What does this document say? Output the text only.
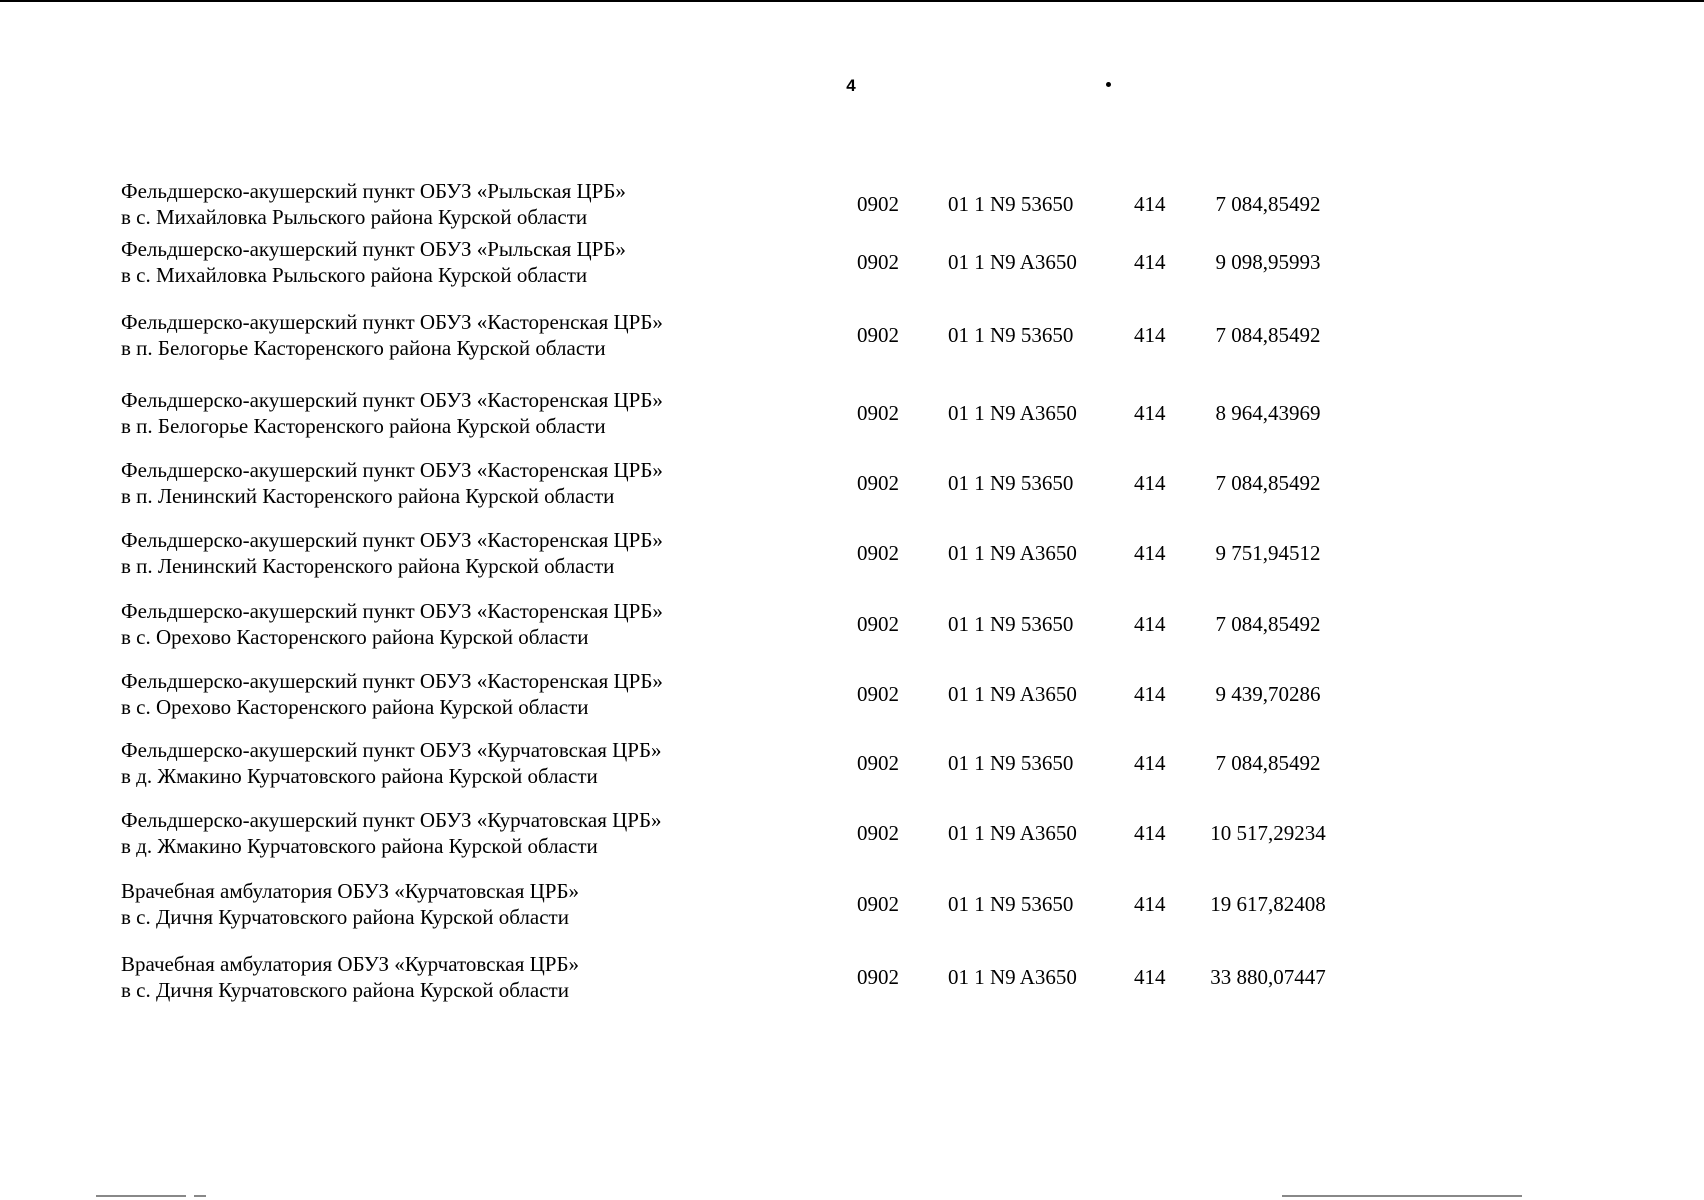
4
Фельдшерско-акушерский пункт ОБУЗ «Рыльская ЦРБ»
в с. Михайловка Рыльского района Курской области
0902 01 1 N9 53650	414	7 084,85492
Фельдшерско-акушерский пункт ОБУЗ «Рыльская ЦРБ»
в с. Михайловка Рыльского района Курской области
0902 01 1 N9 A3650	414	9 098,95993
Фельдшерско-акушерский пункт ОБУЗ «Касторенская ЦРБ»
в п. Белогорье Касторенского района Курской области
0902 01 1 N9 53650	414	7 084,85492
Фельдшерско-акушерский пункт ОБУЗ «Касторенская ЦРБ»
в п. Белогорье Касторенского района Курской области
0902 01 1 N9 A3650	414	8 964,43969
Фельдшерско-акушерский пункт ОБУЗ «Касторенская ЦРБ»
в п. Ленинский Касторенского района Курской области
0902 01 1 N9 53650	414	7 084,85492
Фельдшерско-акушерский пункт ОБУЗ «Касторенская ЦРБ»
в п. Ленинский Касторенского района Курской области
0902 01 1 N9 A3650	414	9 751,94512
Фельдшерско-акушерский пункт ОБУЗ «Касторенская ЦРБ»
в с. Орехово Касторенского района Курской области
0902 01 1 N9 53650	414	7 084,85492
Фельдшерско-акушерский пункт ОБУЗ «Касторенская ЦРБ»
в с. Орехово Касторенского района Курской области
0902 01 1 N9 A3650	414	9 439,70286
Фельдшерско-акушерский пункт ОБУЗ «Курчатовская ЦРБ»
в д. Жмакино Курчатовского района Курской области
0902 01 1 N9 53650	414	7 084,85492
Фельдшерско-акушерский пункт ОБУЗ «Курчатовская ЦРБ»
в д. Жмакино Курчатовского района Курской области
0902 01 1 N9 A3650	414	10 517,29234
Врачебная амбулатория ОБУЗ «Курчатовская ЦРБ»
в с. Дичня Курчатовского района Курской области
0902 01 1 N9 53650	414	19 617,82408
Врачебная амбулатория ОБУЗ «Курчатовская ЦРБ»
в с. Дичня Курчатовского района Курской области
0902 01 1 N9 A3650	414	33 880,07447
